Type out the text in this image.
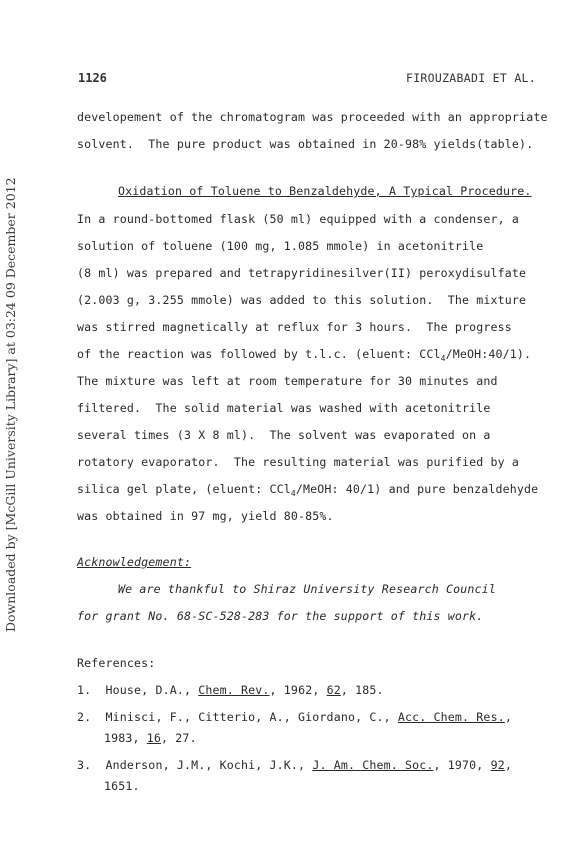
1126	FIROUZABADI ET AL.
Downloaded by [McGill University Library] at 03:24 09 December 2012
developement of the chromatogram was proceeded with an appropriate
solvent.  The pure product was obtained in 20-98% yields(table).
Oxidation of Toluene to Benzaldehyde, A Typical Procedure.
In a round-bottomed flask (50 ml) equipped with a condenser, a
solution of toluene (100 mg, 1.085 mmole) in acetonitrile
(8 ml) was prepared and tetrapyridinesilver(II) peroxydisulfate
(2.003 g, 3.255 mmole) was added to this solution.  The mixture
was stirred magnetically at reflux for 3 hours.  The progress
of the reaction was followed by t.l.c. (eluent: CCl$_4$/MeOH:40/1).
The mixture was left at room temperature for 30 minutes and
filtered.  The solid material was washed with acetonitrile
several times (3 X 8 ml).  The solvent was evaporated on a
rotatory evaporator.  The resulting material was purified by a
silica gel plate, (eluent: CCl$_4$/MeOH: 40/1) and pure benzaldehyde
was obtained in 97 mg, yield 80-85%.
Acknowledgement:
We are thankful to Shiraz University Research Council
for grant No. 68-SC-528-283 for the support of this work.
References:
1. House, D.A., Chem. Rev., 1962, 62, 185.
2. Minisci, F., Citterio, A., Giordano, C., Acc. Chem. Res.,
1983, 16, 27.
3. Anderson, J.M., Kochi, J.K., J. Am. Chem. Soc., 1970, 92,
1651.
